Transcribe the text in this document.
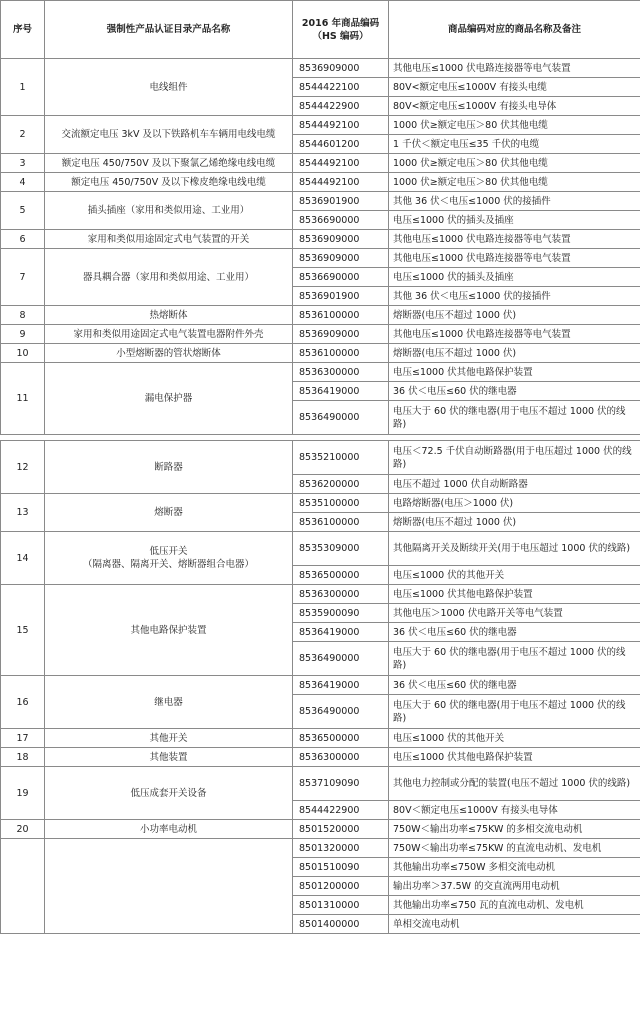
序号	强制性产品认证目录产品名称	2016 年商品编码
（HS 编码）	商品编码对应的商品名称及备注
1	电线组件	8536909000	其他电压≤1000 伏电路连接器等电气装置
		8544422100	80V<额定电压≤1000V 有接头电缆
		8544422900	80V<额定电压≤1000V 有接头电导体
2	交流额定电压 3kV 及以下铁路机车车辆用电线电缆	8544492100	1000 伏≥额定电压＞80 伏其他电缆
		8544601200	1 千伏＜额定电压≤35 千伏的电缆
3	额定电压 450/750V 及以下聚氯乙烯绝缘电线电缆	8544492100	1000 伏≥额定电压＞80 伏其他电缆
4	额定电压 450/750V 及以下橡皮绝缘电线电缆	8544492100	1000 伏≥额定电压＞80 伏其他电缆
5	插头插座（家用和类似用途、工业用）	8536901900	其他 36 伏＜电压≤1000 伏的接插件
		8536690000	电压≤1000 伏的插头及插座
6	家用和类似用途固定式电气装置的开关	8536909000	其他电压≤1000 伏电路连接器等电气装置
7	器具耦合器（家用和类似用途、工业用）	8536909000	其他电压≤1000 伏电路连接器等电气装置
		8536690000	电压≤1000 伏的插头及插座
		8536901900	其他 36 伏＜电压≤1000 伏的接插件
8	热熔断体	8536100000	熔断器(电压不超过 1000 伏)
9	家用和类似用途固定式电气装置电器附件外壳	8536909000	其他电压≤1000 伏电路连接器等电气装置
10	小型熔断器的管状熔断体	8536100000	熔断器(电压不超过 1000 伏)
11	漏电保护器	8536300000	电压≤1000 伏其他电路保护装置
		8536419000	36 伏＜电压≤60 伏的继电器
		8536490000	电压大于 60 伏的继电器(用于电压不超过 1000 伏的线路)

12	断路器	8535210000	电压＜72.5 千伏自动断路器(用于电压超过 1000 伏的线路)
		8536200000	电压不超过 1000 伏自动断路器
13	熔断器	8535100000	电路熔断器(电压＞1000 伏)
		8536100000	熔断器(电压不超过 1000 伏)
14	低压开关
（隔离器、隔离开关、熔断器组合电器）	8535309000	其他隔离开关及断续开关(用于电压超过 1000 伏的线路)
		8536500000	电压≤1000 伏的其他开关
15	其他电路保护装置	8536300000	电压≤1000 伏其他电路保护装置
		8535900090	其他电压＞1000 伏电路开关等电气装置
		8536419000	36 伏＜电压≤60 伏的继电器
		8536490000	电压大于 60 伏的继电器(用于电压不超过 1000 伏的线路)
16	继电器	8536419000	36 伏＜电压≤60 伏的继电器
		8536490000	电压大于 60 伏的继电器(用于电压不超过 1000 伏的线路)
17	其他开关	8536500000	电压≤1000 伏的其他开关
18	其他装置	8536300000	电压≤1000 伏其他电路保护装置
19	低压成套开关设备	8537109090	其他电力控制或分配的装置(电压不超过 1000 伏的线路)
		8544422900	80V＜额定电压≤1000V 有接头电导体
20	小功率电动机	8501520000	750W＜输出功率≤75KW 的多相交流电动机
		8501320000	750W＜输出功率≤75KW 的直流电动机、发电机
		8501510090	其他输出功率≤750W 多相交流电动机
		8501200000	输出功率＞37.5W 的交直流两用电动机
		8501310000	其他输出功率≤750 瓦的直流电动机、发电机
		8501400000	单相交流电动机
